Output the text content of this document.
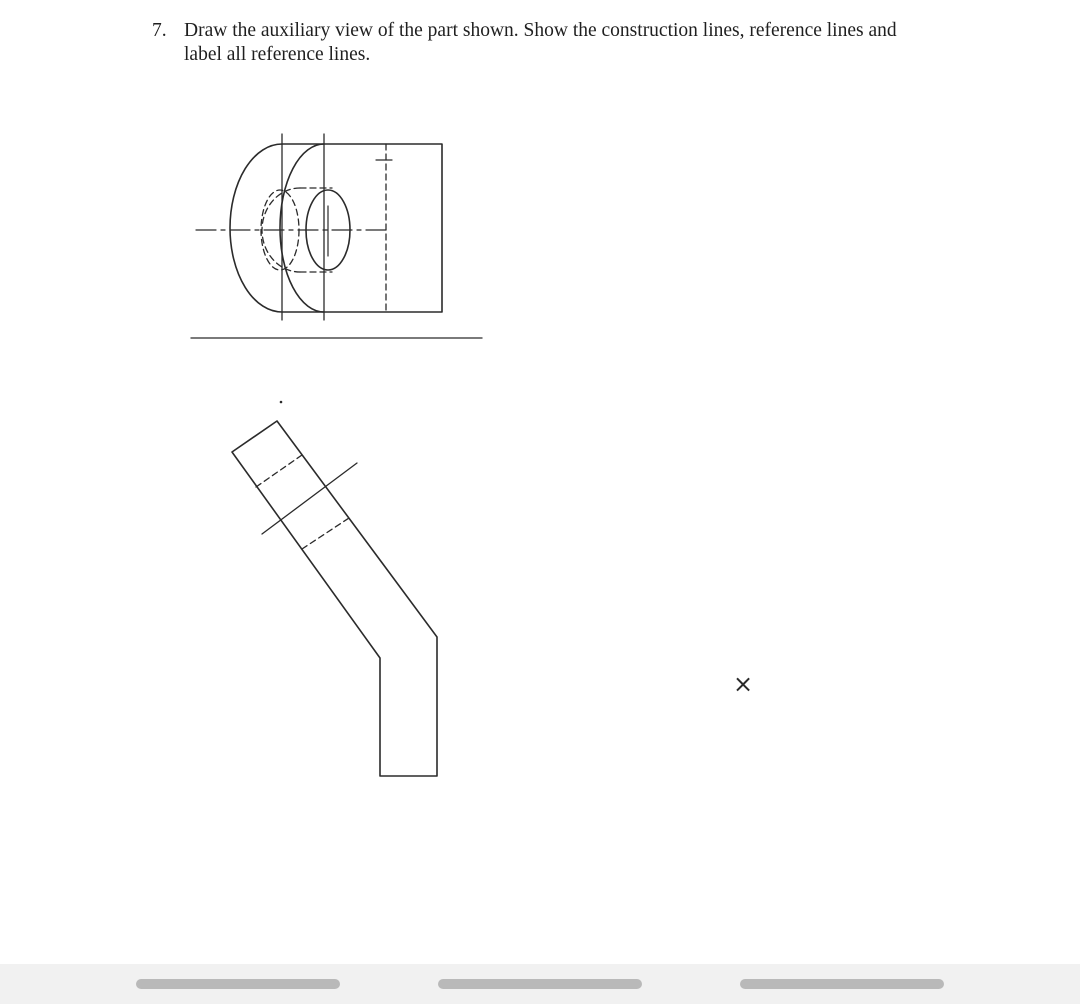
7. Draw the auxiliary view of the part shown. Show the construction lines, reference lines and label all reference lines.
×
